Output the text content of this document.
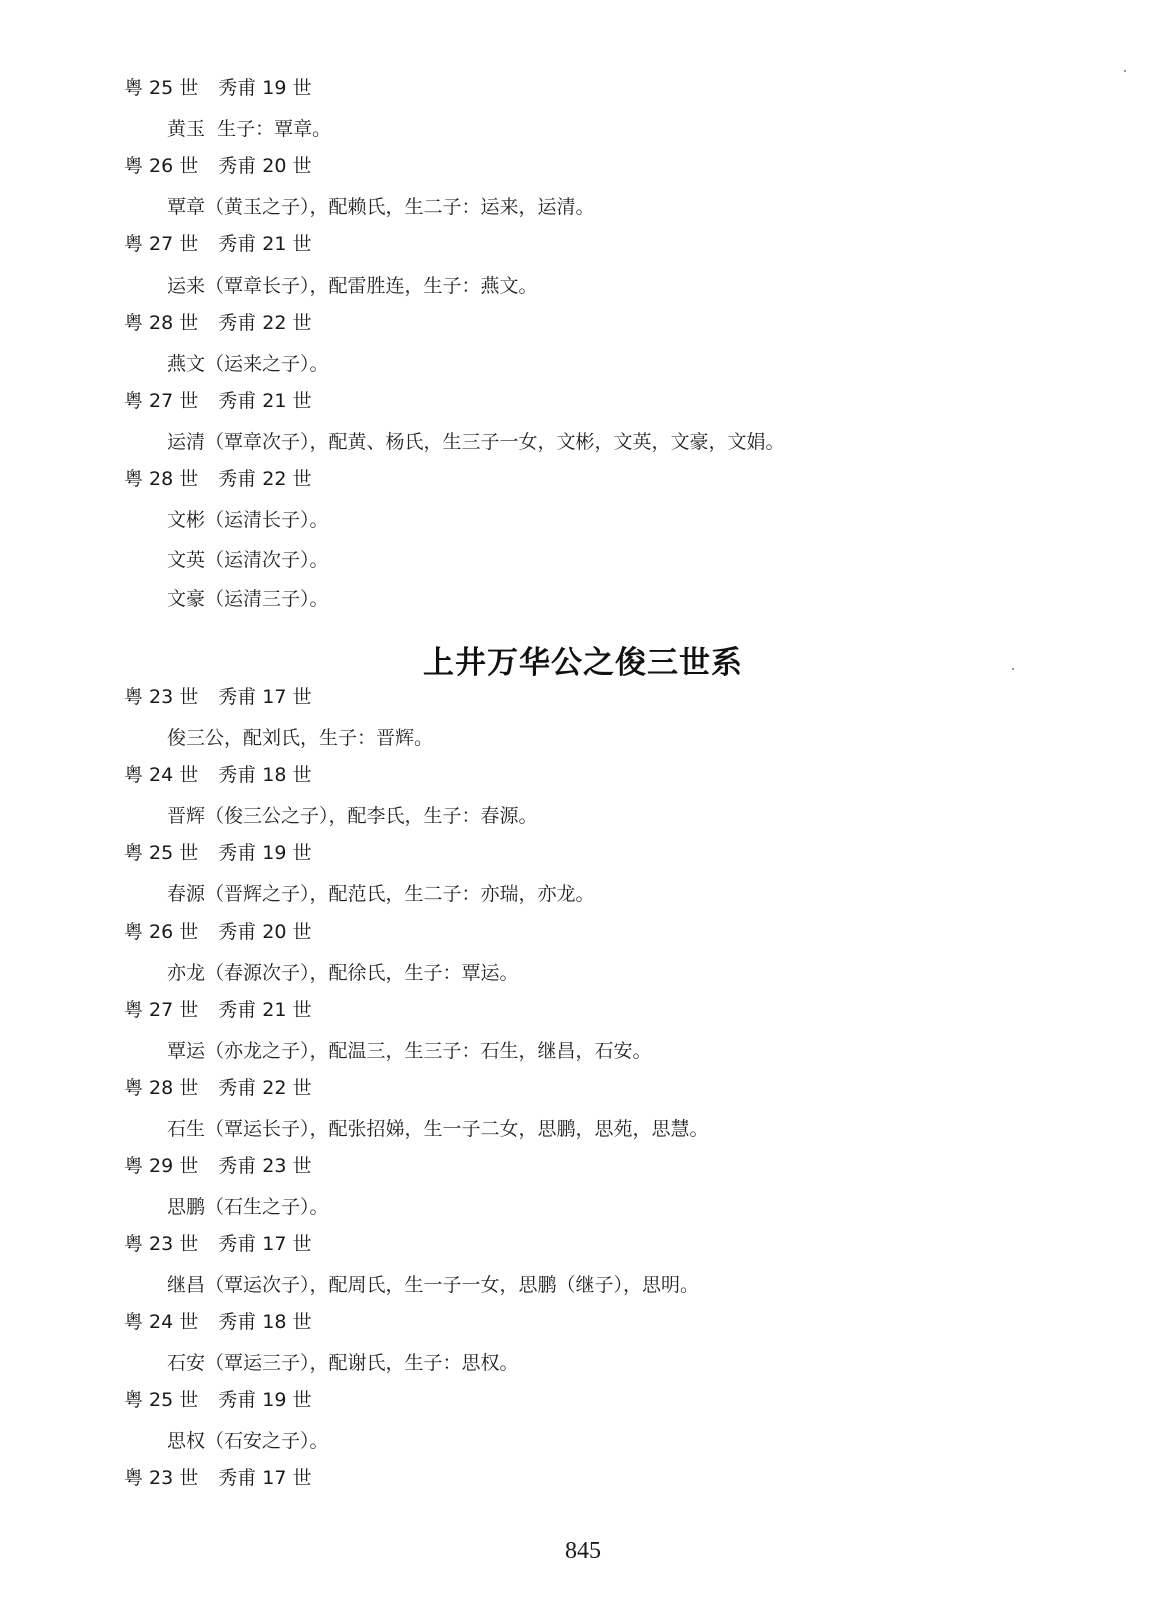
粤 25 世 秀甫 19 世
黄玉 生子：覃章。
粤 26 世 秀甫 20 世
覃章（黄玉之子），配赖氏，生二子：运来，运清。
粤 27 世 秀甫 21 世
运来（覃章长子），配雷胜连，生子：燕文。
粤 28 世 秀甫 22 世
燕文（运来之子）。
粤 27 世 秀甫 21 世
运清（覃章次子），配黄、杨氏，生三子一女，文彬，文英，文豪，文娟。
粤 28 世 秀甫 22 世
文彬（运清长子）。
文英（运清次子）。
文豪（运清三子）。
上井万华公之俊三世系
粤 23 世 秀甫 17 世
俊三公，配刘氏，生子：晋辉。
粤 24 世 秀甫 18 世
晋辉（俊三公之子），配李氏，生子：春源。
粤 25 世 秀甫 19 世
春源（晋辉之子），配范氏，生二子：亦瑞，亦龙。
粤 26 世 秀甫 20 世
亦龙（春源次子），配徐氏，生子：覃运。
粤 27 世 秀甫 21 世
覃运（亦龙之子），配温三，生三子：石生，继昌，石安。
粤 28 世 秀甫 22 世
石生（覃运长子），配张招娣，生一子二女，思鹏，思苑，思慧。
粤 29 世 秀甫 23 世
思鹏（石生之子）。
粤 23 世 秀甫 17 世
继昌（覃运次子），配周氏，生一子一女，思鹏（继子），思明。
粤 24 世 秀甫 18 世
石安（覃运三子），配谢氏，生子：思权。
粤 25 世 秀甫 19 世
思权（石安之子）。
粤 23 世 秀甫 17 世
845
